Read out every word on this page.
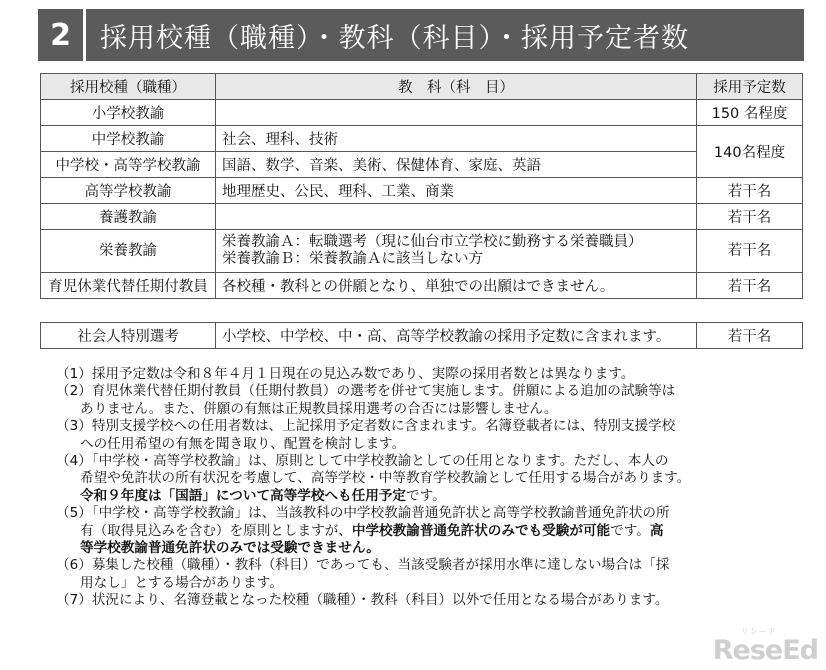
2	採用校種（職種）・教科（科目）・採用予定者数
採用校種（職種）	教　科（科　目）	採用予定数
小学校教諭		150 名程度
中学校教諭	社会、理科、技術	140名程度
中学校・高等学校教諭	国語、数学、音楽、美術、保健体育、家庭、英語	
高等学校教諭	地理歴史、公民、理科、工業、商業	若干名
養護教諭		若干名
栄養教諭	栄養教諭Ａ：転職選考（現に仙台市立学校に勤務する栄養職員）
栄養教諭Ｂ：栄養教諭Ａに該当しない方	若干名
育児休業代替任期付教員	各校種・教科との併願となり、単独での出願はできません。	若干名
社会人特別選考	小学校、中学校、中・高、高等学校教諭の採用予定数に含まれます。	若干名
（1）採用予定数は令和８年４月１日現在の見込み数であり、実際の採用者数とは異なります。
（2）育児休業代替任期付教員（任期付教員）の選考を併せて実施します。併願による追加の試験等は
ありません。また、併願の有無は正規教員採用選考の合否には影響しません。
（3）特別支援学校への任用者数は、上記採用予定者数に含まれます。名簿登載者には、特別支援学校
への任用希望の有無を聞き取り、配置を検討します。
（4）「中学校・高等学校教諭」は、原則として中学校教諭としての任用となります。ただし、本人の
希望や免許状の所有状況を考慮して、高等学校・中等教育学校教諭として任用する場合があります。
令和９年度は「国語」について高等学校へも任用予定です。
（5）「中学校・高等学校教諭」は、当該教科の中学校教諭普通免許状と高等学校教諭普通免許状の所
有（取得見込みを含む）を原則としますが、中学校教諭普通免許状のみでも受験が可能です。高
等学校教諭普通免許状のみでは受験できません。
（6）募集した校種（職種）・教科（科目）であっても、当該受験者が採用水準に達しない場合は「採
用なし」とする場合があります。
（7）状況により、名簿登載となった校種（職種）・教科（科目）以外で任用となる場合があります。
リシード
ReseEd
